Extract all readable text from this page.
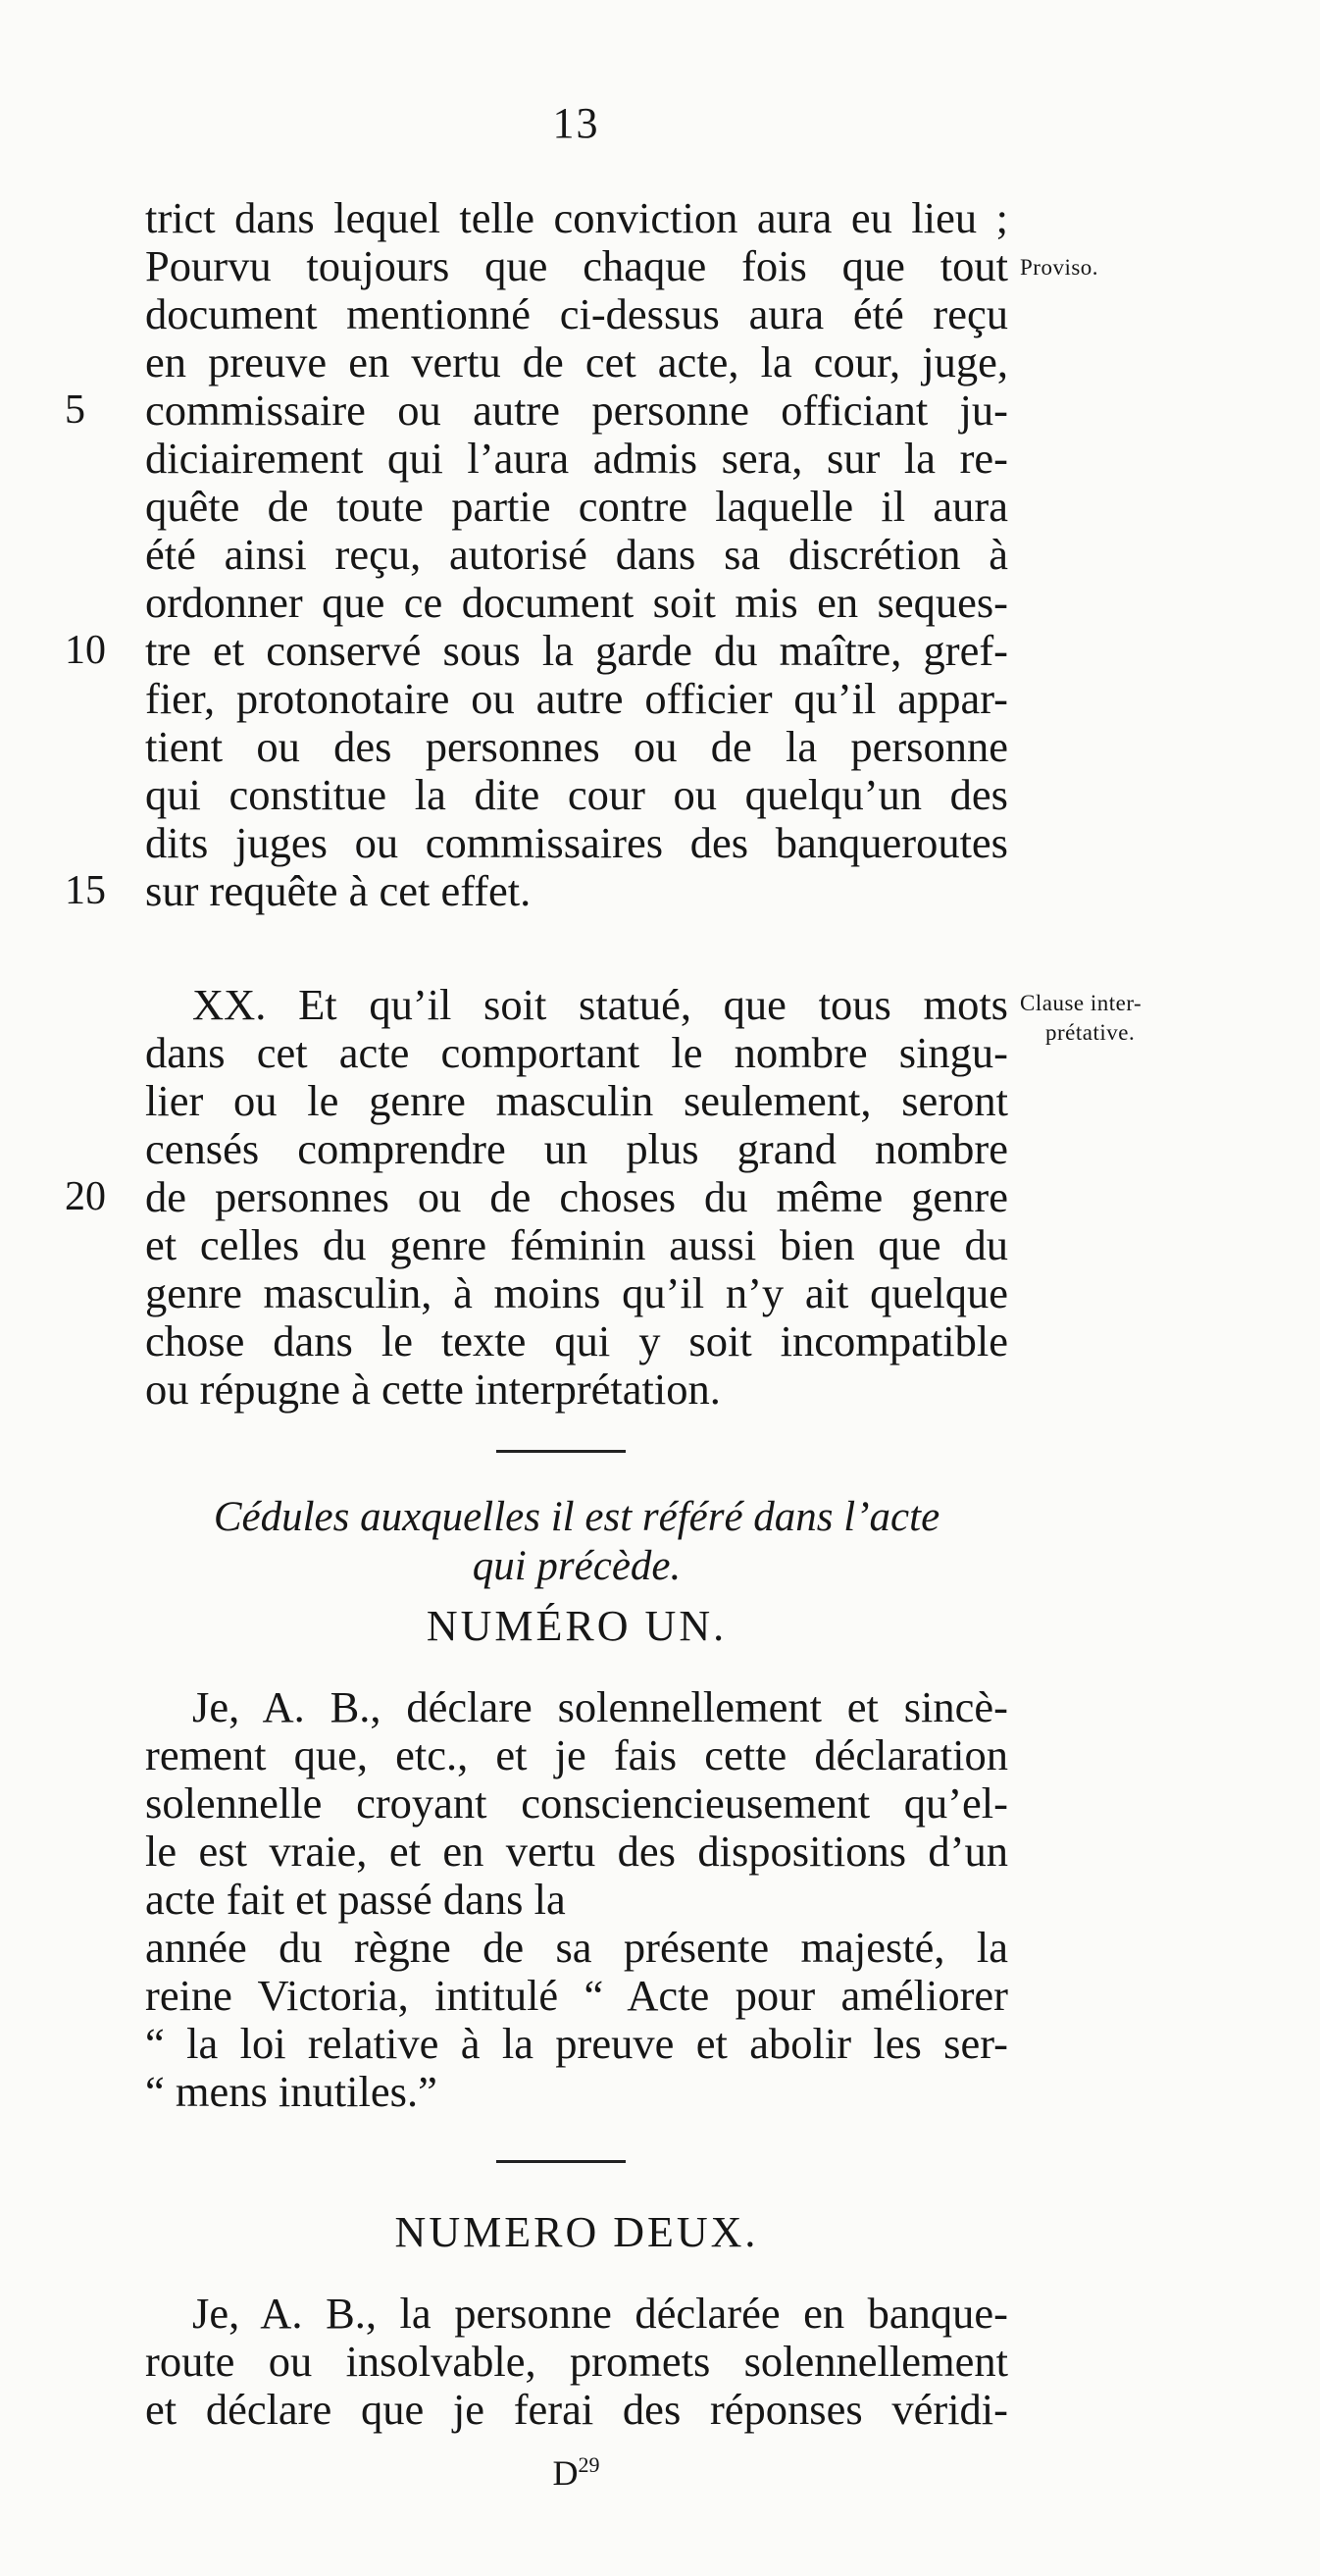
13
trict dans lequel telle conviction aura eu lieu ;
Pourvu toujours que chaque fois que tout
document mentionné ci-dessus aura été reçu
en preuve en vertu de cet acte, la cour, juge,
5	commissaire ou autre personne officiant ju-
diciairement qui l’aura admis sera, sur la re-
quête de toute partie contre laquelle il aura
été ainsi reçu, autorisé dans sa discrétion à
ordonner que ce document soit mis en seques-
10 tre et conservé sous la garde du maître, gref-
fier, protonotaire ou autre officier qu’il appar-
tient ou des personnes ou de la personne
qui constitue la dite cour ou quelqu’un des
dits juges ou commissaires des banqueroutes
15 sur requête à cet effet.
Proviso.
XX. Et qu’il soit statué, que tous mots
dans cet acte comportant le nombre singu-
lier ou le genre masculin seulement, seront
censés comprendre un plus grand nombre
20 de personnes ou de choses du même genre
et celles du genre féminin aussi bien que du
genre masculin, à moins qu’il n’y ait quelque
chose dans le texte qui y soit incompatible
ou répugne à cette interprétation.
Clause inter-
prétative.
Cédules auxquelles il est référé dans l’acte
qui précède.
NUMÉRO UN.
Je, A. B., déclare solennellement et sincè-
rement que, etc., et je fais cette déclaration
solennelle croyant consciencieusement qu’el-
le est vraie, et en vertu des dispositions d’un
acte fait et passé dans la
année du règne de sa présente majesté, la
reine Victoria, intitulé “ Acte pour améliorer
“ la loi relative à la preuve et abolir les ser-
“ mens inutiles.”
NUMERO DEUX.
Je, A. B., la personne déclarée en banque-
route ou insolvable, promets solennellement
et déclare que je ferai des réponses véridi-
$D^{29}$
